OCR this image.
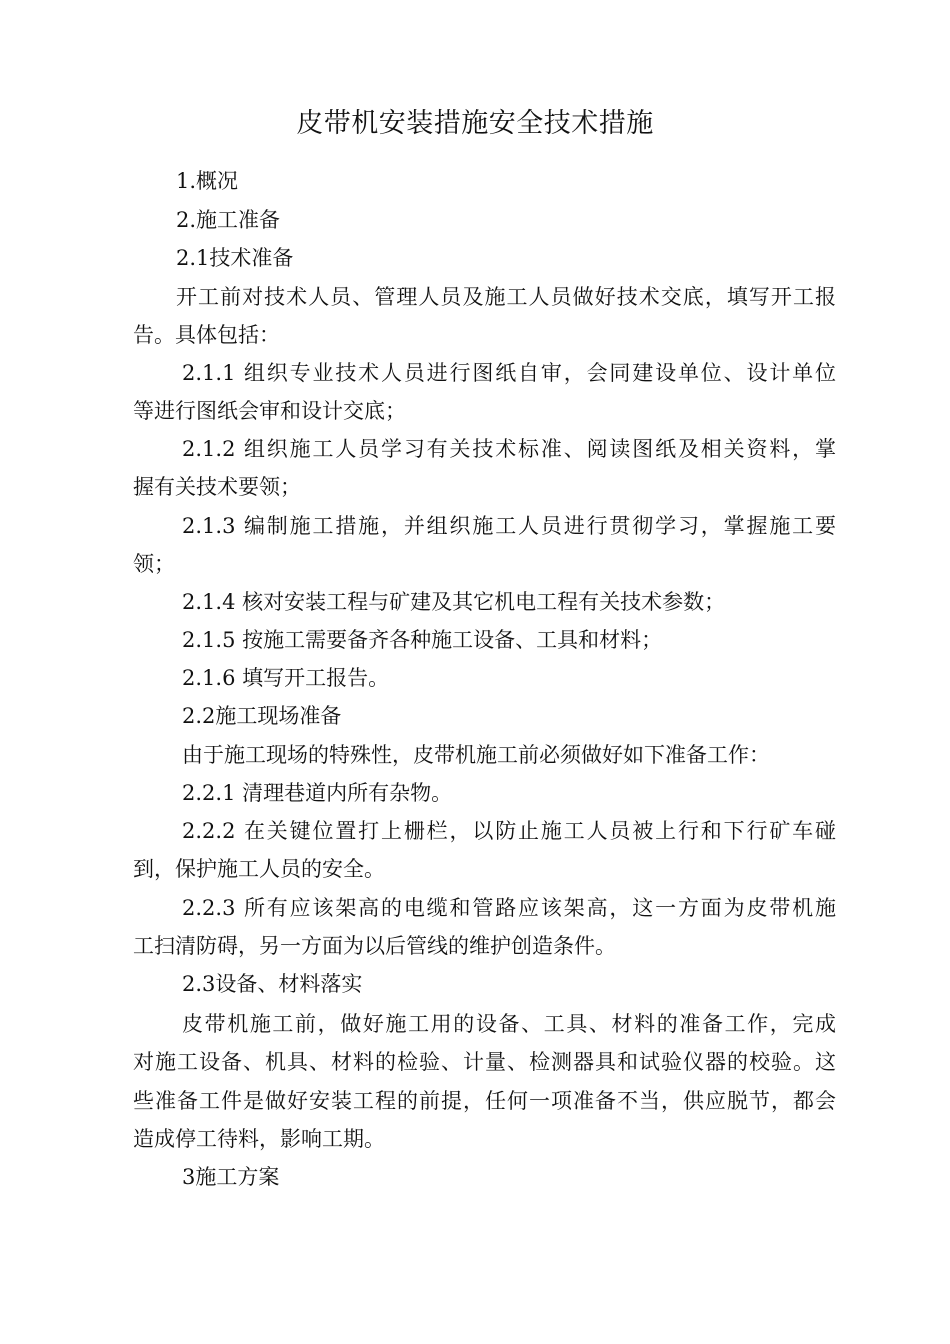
皮带机安装措施安全技术措施
1.概况
2.施工准备
2.1技术准备
开工前对技术人员、管理人员及施工人员做好技术交底，填写开工报
告。具体包括：
2.1.1 组织专业技术人员进行图纸自审，会同建设单位、设计单位
等进行图纸会审和设计交底；
2.1.2 组织施工人员学习有关技术标准、阅读图纸及相关资料，掌
握有关技术要领；
2.1.3 编制施工措施，并组织施工人员进行贯彻学习，掌握施工要
领；
2.1.4 核对安装工程与矿建及其它机电工程有关技术参数；
2.1.5 按施工需要备齐各种施工设备、工具和材料；
2.1.6 填写开工报告。
2.2施工现场准备
由于施工现场的特殊性，皮带机施工前必须做好如下准备工作：
2.2.1 清理巷道内所有杂物。
2.2.2 在关键位置打上栅栏，以防止施工人员被上行和下行矿车碰
到，保护施工人员的安全。
2.2.3 所有应该架高的电缆和管路应该架高，这一方面为皮带机施
工扫清防碍，另一方面为以后管线的维护创造条件。
2.3设备、材料落实
皮带机施工前，做好施工用的设备、工具、材料的准备工作，完成
对施工设备、机具、材料的检验、计量、检测器具和试验仪器的校验。这
些准备工件是做好安装工程的前提，任何一项准备不当，供应脱节，都会
造成停工待料，影响工期。
3施工方案
